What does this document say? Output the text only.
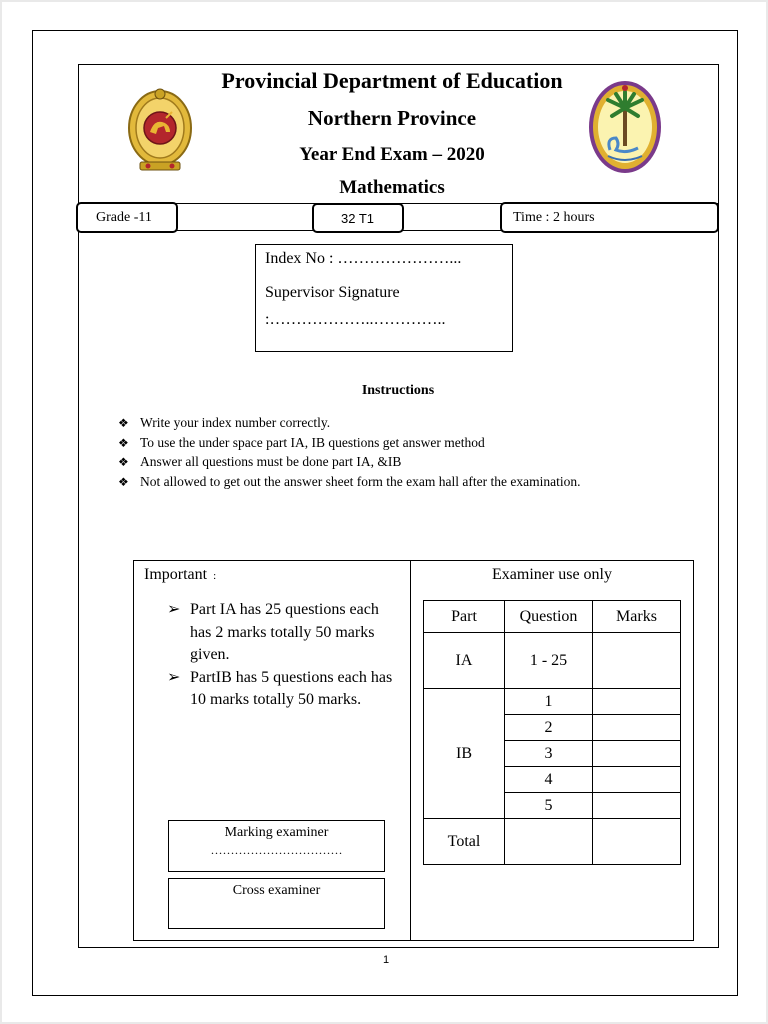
Provincial Department of Education
Northern Province
Year End Exam – 2020
Mathematics
Grade -11	32 T1	Time : 2 hours
Index No : …………………...
Supervisor Signature
:………………..…………..
Instructions
❖ Write your index number correctly.
❖ To use the under space part IA, IB questions get answer method
❖ Answer all questions must be done part IA, &IB
❖ Not allowed to get out the answer sheet form the exam hall after the examination.
Important :
➢ Part IA has 25 questions each has 2 marks totally 50 marks given.
➢ PartIB has 5 questions each has 10 marks totally 50 marks.
Marking examiner
……………………………
Cross examiner
Examiner use only
Part	Question	Marks
IA	1 - 25	
IB	1	
	2	
	3	
	4	
	5	
Total		
1
